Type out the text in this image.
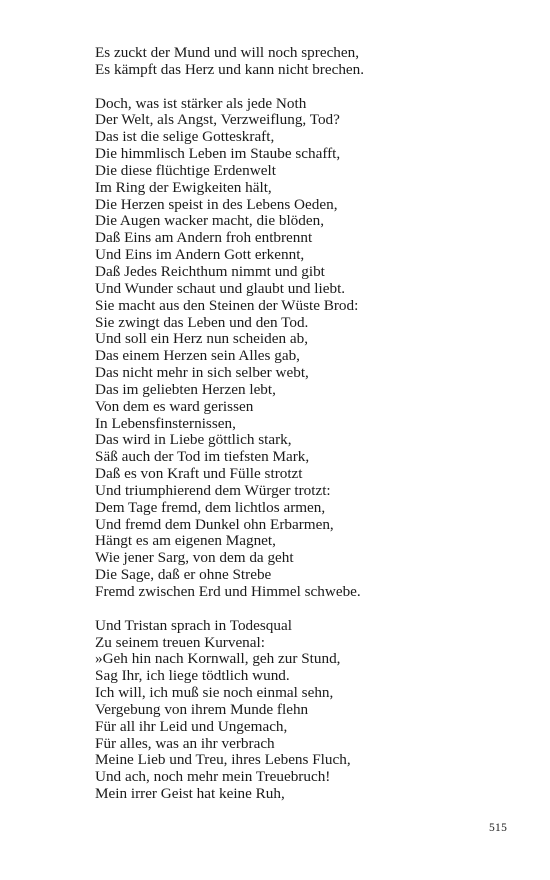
Es zuckt der Mund und will noch sprechen,
Es kämpft das Herz und kann nicht brechen.
Doch, was ist stärker als jede Noth
Der Welt, als Angst, Verzweiflung, Tod?
Das ist die selige Gotteskraft,
Die himmlisch Leben im Staube schafft,
Die diese flüchtige Erdenwelt
Im Ring der Ewigkeiten hält,
Die Herzen speist in des Lebens Oeden,
Die Augen wacker macht, die blöden,
Daß Eins am Andern froh entbrennt
Und Eins im Andern Gott erkennt,
Daß Jedes Reichthum nimmt und gibt
Und Wunder schaut und glaubt und liebt.
Sie macht aus den Steinen der Wüste Brod:
Sie zwingt das Leben und den Tod.
Und soll ein Herz nun scheiden ab,
Das einem Herzen sein Alles gab,
Das nicht mehr in sich selber webt,
Das im geliebten Herzen lebt,
Von dem es ward gerissen
In Lebensfinsternissen,
Das wird in Liebe göttlich stark,
Säß auch der Tod im tiefsten Mark,
Daß es von Kraft und Fülle strotzt
Und triumphierend dem Würger trotzt:
Dem Tage fremd, dem lichtlos armen,
Und fremd dem Dunkel ohn Erbarmen,
Hängt es am eigenen Magnet,
Wie jener Sarg, von dem da geht
Die Sage, daß er ohne Strebe
Fremd zwischen Erd und Himmel schwebe.
Und Tristan sprach in Todesqual
Zu seinem treuen Kurvenal:
»Geh hin nach Kornwall, geh zur Stund,
Sag Ihr, ich liege tödtlich wund.
Ich will, ich muß sie noch einmal sehn,
Vergebung von ihrem Munde flehn
Für all ihr Leid und Ungemach,
Für alles, was an ihr verbrach
Meine Lieb und Treu, ihres Lebens Fluch,
Und ach, noch mehr mein Treuebruch!
Mein irrer Geist hat keine Ruh,
515
